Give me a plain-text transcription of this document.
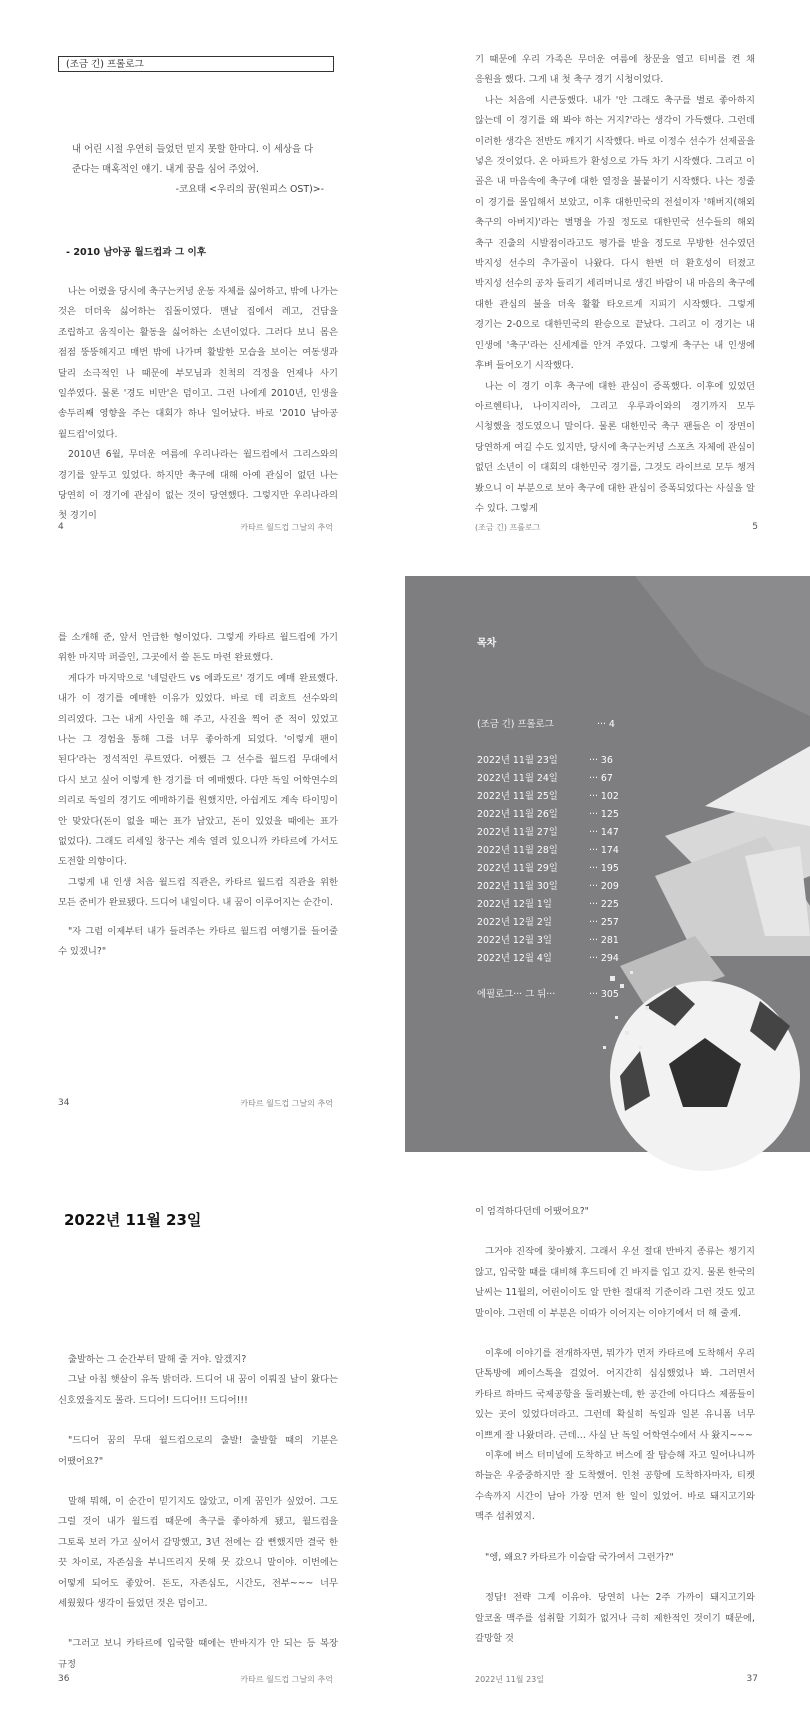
(조금 긴) 프롤로그
내 어린 시절 우연히 들었던 믿지 못할 한마디. 이 세상을 다
준다는 매혹적인 얘기. 내게 꿈을 심어 주었어.
-코요태 <우리의 꿈(원피스 OST)>-
- 2010 남아공 월드컵과 그 이후

나는 어렸을 당시에 축구는커녕 운동 자체를 싫어하고, 밖에 나가는 것은 더더욱 싫어하는 집돌이였다. 맨날 집에서 레고, 건담을 조립하고 움직이는 활동을 싫어하는 소년이었다. 그러다 보니 몸은 점점 뚱뚱해지고 매번 밖에 나가며 활발한 모습을 보이는 여동생과 달리 소극적인 나 때문에 부모님과 친척의 걱정을 언제나 사기 일쑤였다. 물론 '경도 비만'은 덤이고. 그런 나에게 2010년, 인생을 송두리째 영향을 주는 대회가 하나 일어났다. 바로 '2010 남아공 월드컵'이었다.

2010년 6월, 무더운 여름에 우리나라는 월드컵에서 그리스와의 경기를 앞두고 있었다. 하지만 축구에 대해 아예 관심이 없던 나는 당연히 이 경기에 관심이 없는 것이 당연했다. 그렇지만 우리나라의 첫 경기이

4	카타르 월드컵 그날의 추억

기 때문에 우리 가족은 무더운 여름에 창문을 열고 티비를 켠 채 응원을 했다. 그게 내 첫 축구 경기 시청이었다.

나는 처음에 시큰둥했다. 내가 '안 그래도 축구를 별로 좋아하지 않는데 이 경기를 왜 봐야 하는 거지?'라는 생각이 가득했다. 그런데 이러한 생각은 전반도 깨지기 시작했다. 바로 이정수 선수가 선제골을 넣은 것이었다. 온 아파트가 환성으로 가득 차기 시작했다. 그리고 이 골은 내 마음속에 축구에 대한 열정을 불붙이기 시작했다. 나는 정줄 이 경기를 몰입해서 보았고, 이후 대한민국의 전설이자 '해버지(해외 축구의 아버지)'라는 별명을 가질 정도로 대한민국 선수들의 해외 축구 진출의 시발점이라고도 평가를 받을 정도로 무방한 선수였던 박지성 선수의 추가골이 나왔다. 다시 한번 더 환호성이 터졌고 박지성 선수의 공차 들리기 세리머니로 생긴 바람이 내 마음의 축구에 대한 관심의 불을 더욱 활활 타오르게 지피기 시작했다. 그렇게 경기는 2-0으로 대한민국의 완승으로 끝났다. 그리고 이 경기는 내 인생에 '축구'라는 신세계를 안겨 주었다. 그렇게 축구는 내 인생에 후벼 들어오기 시작했다.

나는 이 경기 이후 축구에 대한 관심이 증폭했다. 이후에 있었던 아르헨티나, 나이지리아, 그리고 우루과이와의 경기까지 모두 시청했을 정도였으니 말이다. 물론 대한민국 축구 팬들은 이 장면이 당연하게 여길 수도 있지만, 당시에 축구는커녕 스포츠 자체에 관심이 없던 소년이 이 대회의 대한민국 경기를, 그것도 라이브로 모두 챙겨 봤으니 이 부분으로 보아 축구에 대한 관심이 증폭되었다는 사실을 알 수 있다. 그렇게

(조금 긴) 프롤로그	5

를 소개해 준, 앞서 언급한 형이었다. 그렇게 카타르 월드컵에 가기 위한 마지막 퍼즐인, 그곳에서 쓸 돈도 마련 완료했다.

게다가 마지막으로 '네덜란드 vs 에콰도르' 경기도 예매 완료했다. 내가 이 경기를 예매한 이유가 있었다. 바로 데 리흐트 선수와의 의리였다. 그는 내게 사인을 해 주고, 사진을 찍어 준 적이 있었고 나는 그 경험을 통해 그를 너무 좋아하게 되었다. '이렇게 팬이 된다'라는 정석적인 루트였다. 어쨌든 그 선수를 월드컵 무대에서 다시 보고 싶어 이렇게 한 경기를 더 예매했다. 다만 독일 어학연수의 의리로 독일의 경기도 예매하기를 원했지만, 아쉽게도 계속 타이밍이 안 맞았다(돈이 없을 때는 표가 남았고, 돈이 있었을 때에는 표가 없었다). 그래도 리세일 창구는 계속 열려 있으니까 카타르에 가서도 도전할 의향이다.

그렇게 내 인생 처음 월드컵 직관은, 카타르 월드컵 직관을 위한 모든 준비가 완료됐다. 드디어 내일이다. 내 꿈이 이루어지는 순간이.

"자 그럼 이제부터 내가 들려주는 카타르 월드컵 여행기를 들어줄 수 있겠니?"

34	카타르 월드컵 그날의 추억
목차
(조금 긴) 프롤로그	··· 4
2022년 11월 23일	··· 36
2022년 11월 24일	··· 67
2022년 11월 25일	··· 102
2022년 11월 26일	··· 125
2022년 11월 27일	··· 147
2022년 11월 28일	··· 174
2022년 11월 29일	··· 195
2022년 11월 30일	··· 209
2022년 12월 1일	··· 225
2022년 12월 2일	··· 257
2022년 12월 3일	··· 281
2022년 12월 4일	··· 294
에필로그··· 그 뒤···	··· 305
2022년 11월 23일

출발하는 그 순간부터 말해 줄 거야. 알겠지?

그날 아침 햇살이 유독 밝더라. 드디어 내 꿈이 이뤄질 날이 왔다는 신호였을지도 몰라. 드디어! 드디어!! 드디어!!!

"드디어 꿈의 무대 월드컵으로의 출발! 출발할 때의 기분은 어땠어요?"

말해 뭐해, 이 순간이 믿기지도 않았고, 이게 꿈인가 싶었어. 그도 그럴 것이 내가 월드컵 때문에 축구를 좋아하게 됐고, 월드컵을 그토록 보러 가고 싶어서 갈망했고, 3년 전에는 갈 뻔했지만 결국 한 끗 차이로, 자존심을 부니뜨리지 못해 못 갔으니 말이야. 이번에는 어떻게 되어도 좋았어. 돈도, 자존심도, 시간도, 전부~~~ 너무 세웠웠다 생각이 들었던 것은 덤이고.

"그러고 보니 카타르에 입국할 때에는 반바지가 안 되는 등 복장 규정

36	카타르 월드컵 그날의 추억

이 엄격하다던데 어땠어요?"

그거야 진작에 찾아봤지. 그래서 우선 절대 반바지 종류는 챙기지 않고, 입국할 때를 대비해 후드티에 긴 바지를 입고 갔지. 물론 한국의 날씨는 11월의, 어린이이도 알 만한 절대적 기준이라 그런 것도 있고 말이야. 그런데 이 부분은 이따가 이어지는 이야기에서 더 해 줄게.

이후에 이야기를 전개하자면, 뭐가가 먼저 카타르에 도착해서 우리 단톡방에 페이스톡을 걸었어. 어지간히 심심했었나 봐. 그러면서 카타르 하마드 국제공항을 둘러봤는데, 한 공간에 아디다스 제품들이 있는 곳이 있었다더라고. 그런데 확실히 독일과 일본 유니폼 너무 이쁘게 잘 나왔더라. 근데… 사실 난 독일 어학연수에서 사 왔지~~~

이후에 버스 터미널에 도착하고 버스에 잘 탑승해 자고 일어나니까 하늘은 우중중하지만 잘 도착했어. 인천 공항에 도착하자마자, 티켓 수속까지 시간이 남아 가장 먼저 한 일이 있었어. 바로 돼지고기와 맥주 섭취였지.

"엥, 왜요? 카타르가 이슬람 국가여서 그런가?"

정답! 전략 그게 이유야. 당연히 나는 2주 가까이 돼지고기와 알코올 맥주를 섭취할 기회가 없거나 극히 제한적인 것이기 때문에, 갈망할 것

2022년 11월 23일	37
